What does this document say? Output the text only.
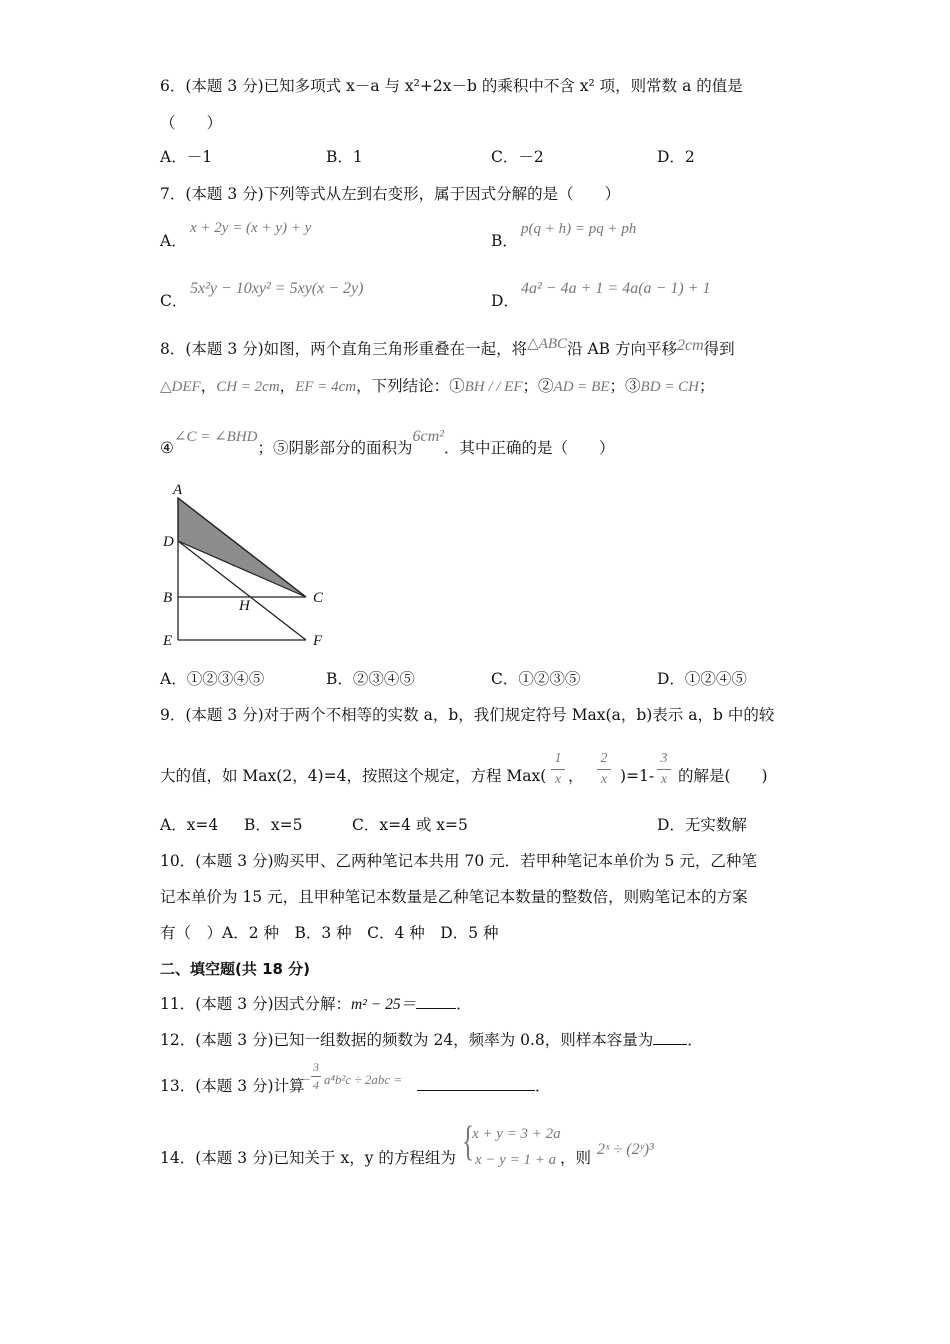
6．(本题 3 分)已知多项式 x－a 与 x²+2x－b 的乘积中不含 x² 项，则常数 a 的值是
（　　）
A．－1	B．1	C．－2	D．2
7．(本题 3 分)下列等式从左到右变形，属于因式分解的是（　　）
A．
x + 2y = (x + y) + y
B．
p(q + h) = pq + ph
C．
5x²y − 10xy² = 5xy(x − 2y)
D．
4a² − 4a + 1 = 4a(a − 1) + 1
8．(本题 3 分)如图，两个直角三角形重叠在一起，将△ABC沿 AB 方向平移2cm得到
△DEF，CH = 2cm，EF = 4cm，下列结论：①BH / / EF；②AD = BE；③BD = CH；
④∠C = ∠BHD；⑤阴影部分的面积为6cm²．其中正确的是（　　）
A
D
B	H	C
E	F
A．①②③④⑤	B．②③④⑤	C．①②③⑤	D．①②④⑤
9．(本题 3 分)对于两个不相等的实数 a，b，我们规定符号 Max(a，b)表示 a，b 中的较
大的值，如 Max(2，4)=4，按照这个规定，方程 Max(
1
x ，
2
x )=1-
3
x 的解是(　　)
A．x=4 B．x=5	C．x=4 或 x=5	D．无实数解
10．(本题 3 分)购买甲、乙两种笔记本共用 70 元．若甲种笔记本单价为 5 元，乙种笔
记本单价为 15 元，且甲种笔记本数量是乙种笔记本数量的整数倍，则购笔记本的方案
有（　）A．2 种　B．3 种　C．4 种　D．5 种
二、填空题(共 18 分)
11．(本题 3 分)因式分解：m² − 25＝	．
12．(本题 3 分)已知一组数据的频数为 24，频率为 0.8，则样本容量为 ．
13．(本题 3 分)计算
−
3
4 a⁴b²c ÷ 2abc =	．
14．(本题 3 分)已知关于 x，y 的方程组为 {
x + y = 3 + 2a
x − y = 1 + a ，则 2ˣ ÷ (2ʸ)³
